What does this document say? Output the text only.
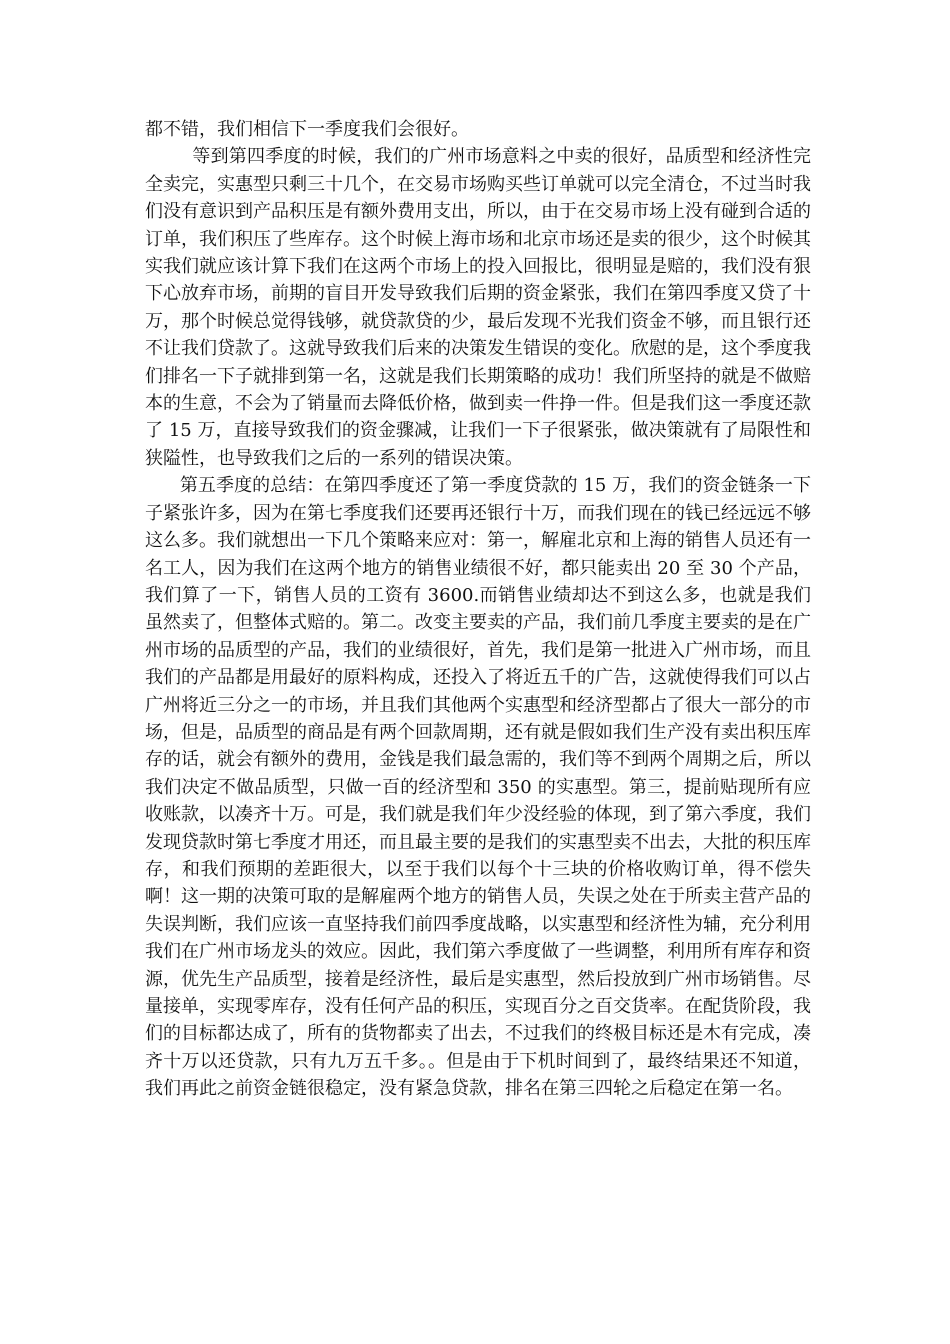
都不错，我们相信下一季度我们会很好。

等到第四季度的时候，我们的广州市场意料之中卖的很好，品质型和经济性完全卖完，实惠型只剩三十几个，在交易市场购买些订单就可以完全清仓，不过当时我们没有意识到产品积压是有额外费用支出，所以，由于在交易市场上没有碰到合适的订单，我们积压了些库存。这个时候上海市场和北京市场还是卖的很少，这个时候其实我们就应该计算下我们在这两个市场上的投入回报比，很明显是赔的，我们没有狠下心放弃市场，前期的盲目开发导致我们后期的资金紧张，我们在第四季度又贷了十万，那个时候总觉得钱够，就贷款贷的少，最后发现不光我们资金不够，而且银行还不让我们贷款了。这就导致我们后来的决策发生错误的变化。欣慰的是，这个季度我们排名一下子就排到第一名，这就是我们长期策略的成功！我们所坚持的就是不做赔本的生意，不会为了销量而去降低价格，做到卖一件挣一件。但是我们这一季度还款了 15 万，直接导致我们的资金骤减，让我们一下子很紧张，做决策就有了局限性和狭隘性，也导致我们之后的一系列的错误决策。

第五季度的总结：在第四季度还了第一季度贷款的 15 万，我们的资金链条一下子紧张许多，因为在第七季度我们还要再还银行十万，而我们现在的钱已经远远不够这么多。我们就想出一下几个策略来应对：第一，解雇北京和上海的销售人员还有一名工人，因为我们在这两个地方的销售业绩很不好，都只能卖出 20 至 30 个产品，我们算了一下，销售人员的工资有 3600.而销售业绩却达不到这么多，也就是我们虽然卖了，但整体式赔的。第二。改变主要卖的产品，我们前几季度主要卖的是在广州市场的品质型的产品，我们的业绩很好，首先，我们是第一批进入广州市场，而且我们的产品都是用最好的原料构成，还投入了将近五千的广告，这就使得我们可以占广州将近三分之一的市场，并且我们其他两个实惠型和经济型都占了很大一部分的市场，但是，品质型的商品是有两个回款周期，还有就是假如我们生产没有卖出积压库存的话，就会有额外的费用，金钱是我们最急需的，我们等不到两个周期之后，所以我们决定不做品质型，只做一百的经济型和 350 的实惠型。第三，提前贴现所有应收账款，以凑齐十万。可是，我们就是我们年少没经验的体现，到了第六季度，我们发现贷款时第七季度才用还，而且最主要的是我们的实惠型卖不出去，大批的积压库存，和我们预期的差距很大，以至于我们以每个十三块的价格收购订单，得不偿失啊！这一期的决策可取的是解雇两个地方的销售人员，失误之处在于所卖主营产品的失误判断，我们应该一直坚持我们前四季度战略，以实惠型和经济性为辅，充分利用我们在广州市场龙头的效应。因此，我们第六季度做了一些调整，利用所有库存和资源，优先生产品质型，接着是经济性，最后是实惠型，然后投放到广州市场销售。尽量接单，实现零库存，没有任何产品的积压，实现百分之百交货率。在配货阶段，我们的目标都达成了，所有的货物都卖了出去，不过我们的终极目标还是木有完成，凑齐十万以还贷款，只有九万五千多。。但是由于下机时间到了，最终结果还不知道，我们再此之前资金链很稳定，没有紧急贷款，排名在第三四轮之后稳定在第一名。
